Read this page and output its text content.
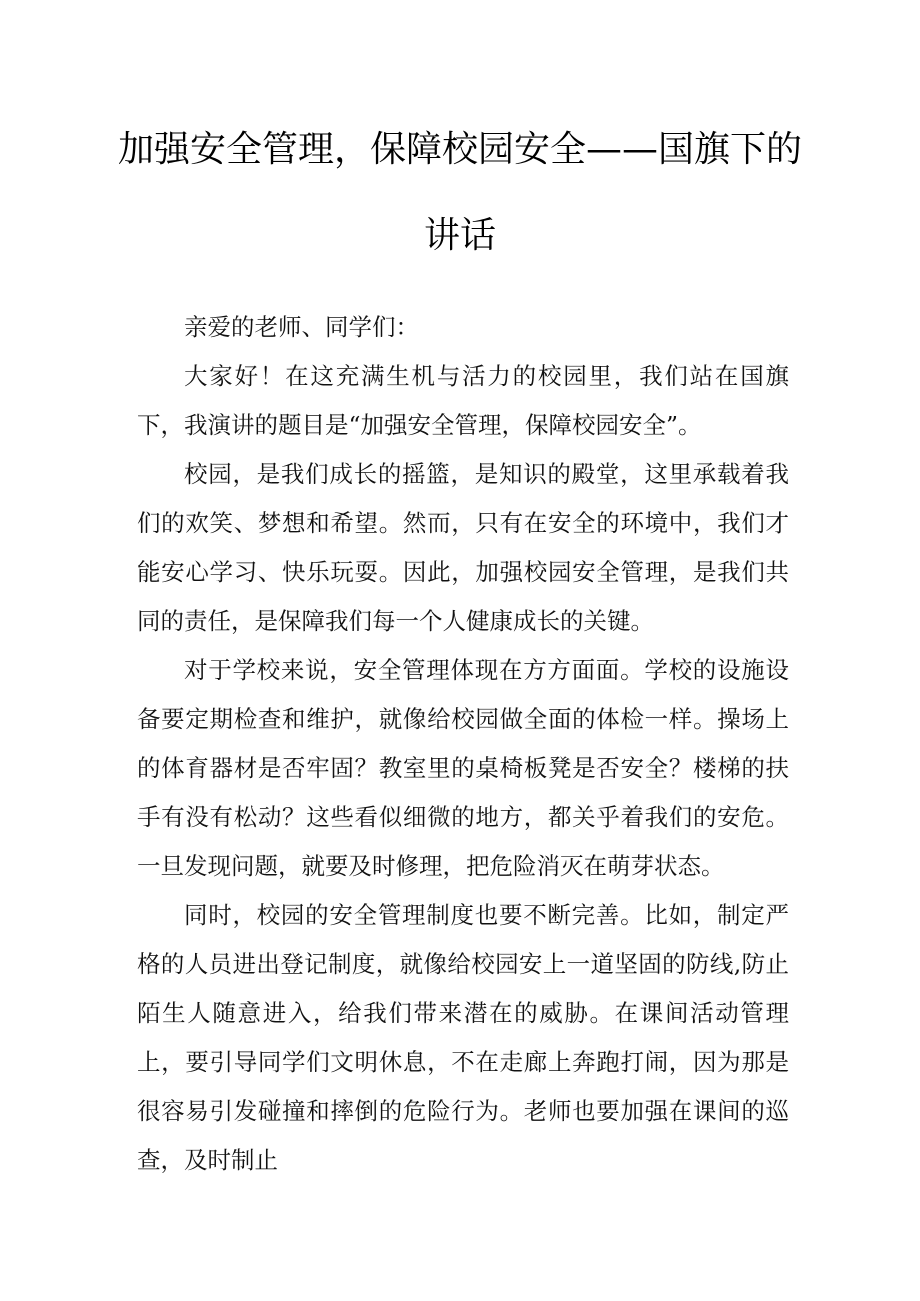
加强安全管理，保障校园安全——国旗下的
讲话

亲爱的老师、同学们：

大家好！在这充满生机与活力的校园里，我们站在国旗下，我演讲的题目是“加强安全管理，保障校园安全”。

校园，是我们成长的摇篮，是知识的殿堂，这里承载着我们的欢笑、梦想和希望。然而，只有在安全的环境中，我们才能安心学习、快乐玩耍。因此，加强校园安全管理，是我们共同的责任，是保障我们每一个人健康成长的关键。

对于学校来说，安全管理体现在方方面面。学校的设施设备要定期检查和维护，就像给校园做全面的体检一样。操场上的体育器材是否牢固？教室里的桌椅板凳是否安全？楼梯的扶手有没有松动？这些看似细微的地方，都关乎着我们的安危。一旦发现问题，就要及时修理，把危险消灭在萌芽状态。

同时，校园的安全管理制度也要不断完善。比如，制定严格的人员进出登记制度，就像给校园安上一道坚固的防线,防止陌生人随意进入，给我们带来潜在的威胁。在课间活动管理上，要引导同学们文明休息，不在走廊上奔跑打闹，因为那是很容易引发碰撞和摔倒的危险行为。老师也要加强在课间的巡查，及时制止
